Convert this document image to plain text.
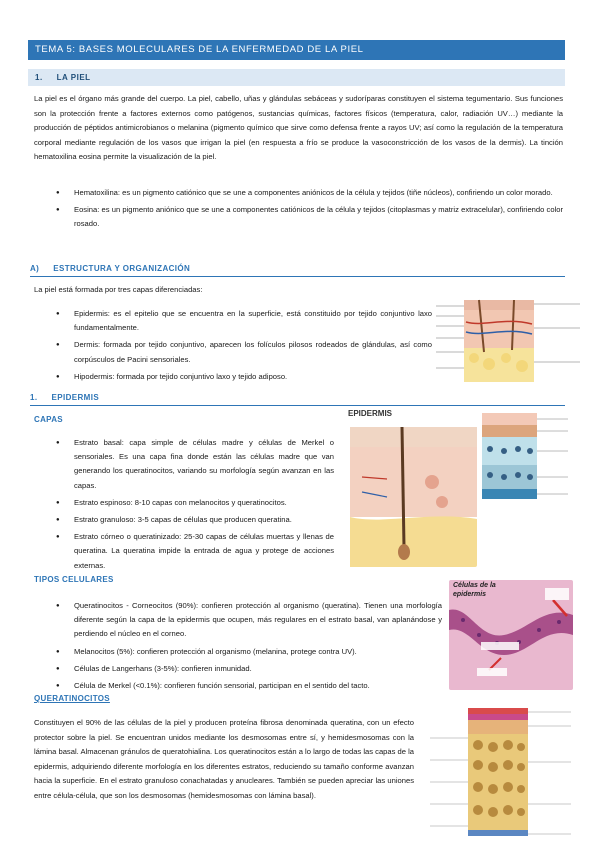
TEMA 5: BASES MOLECULARES DE LA ENFERMEDAD DE LA PIEL
1. LA PIEL
La piel es el órgano más grande del cuerpo. La piel, cabello, uñas y glándulas sebáceas y sudoríparas constituyen el sistema tegumentario. Sus funciones son la protección frente a factores externos como patógenos, sustancias químicas, factores físicos (temperatura, calor, radiación UV…) mediante la producción de péptidos antimicrobianos o melanina (pigmento químico que sirve como defensa frente a rayos UV; así como la regulación de la temperatura corporal mediante regulación de los vasos que irrigan la piel (en respuesta a frío se produce la vasoconstricción de los vasos de la dermis). La tinción hematoxilina eosina permite la visualización de la piel.
● Hematoxilina: es un pigmento catiónico que se une a componentes aniónicos de la célula y tejidos (tiñe núcleos), confiriendo un color morado.
● Eosina: es un pigmento aniónico que se une a componentes catiónicos de la célula y tejidos (citoplasmas y matriz extracelular), confiriendo color rosado.
A) ESTRUCTURA Y ORGANIZACIÓN
La piel está formada por tres capas diferenciadas:
● Epidermis: es el epitelio que se encuentra en la superficie, está constituido por tejido conjuntivo laxo fundamentalmente.
● Dermis: formada por tejido conjuntivo, aparecen los folículos pilosos rodeados de glándulas, así como corpúsculos de Pacini sensoriales.
● Hipodermis: formada por tejido conjuntivo laxo y tejido adiposo.
1. EPIDERMIS
CAPAS
● Estrato basal: capa simple de células madre y células de Merkel o sensoriales. Es una capa fina donde están las células madre que van generando los queratinocitos, variando su morfología según avanzan en las capas.
● Estrato espinoso: 8-10 capas con melanocitos y queratinocitos.
● Estrato granuloso: 3-5 capas de células que producen queratina.
● Estrato córneo o queratinizado: 25-30 capas de células muertas y llenas de queratina. La queratina impide la entrada de agua y protege de acciones externas.
EPIDERMIS
TIPOS CELULARES
● Queratinocitos - Corneocitos (90%): confieren protección al organismo (queratina). Tienen una morfología diferente según la capa de la epidermis que ocupen, más regulares en el estrato basal, van aplanándose y perdiendo el núcleo en el corneo.
● Melanocitos (5%): confieren protección al organismo (melanina, protege contra UV).
● Células de Langerhans (3-5%): confieren inmunidad.
● Célula de Merkel (<0.1%): confieren función sensorial, participan en el sentido del tacto.
Células de la epidermis
QUERATINOCITOS
Constituyen el 90% de las células de la piel y producen proteína fibrosa denominada queratina, con un efecto protector sobre la piel. Se encuentran unidos mediante los desmosomas entre sí, y hemidesmosomas con la lámina basal. Almacenan gránulos de queratohialina. Los queratinocitos están a lo largo de todas las capas de la epidermis, adquiriendo diferente morfología en los diferentes estratos, reduciendo su tamaño conforme avanzan hacia la superficie. En el estrato granuloso conachatadas y anucleares. También se pueden apreciar las uniones entre célula-célula, que son los desmosomas (hemidesmosomas con lámina basal).
